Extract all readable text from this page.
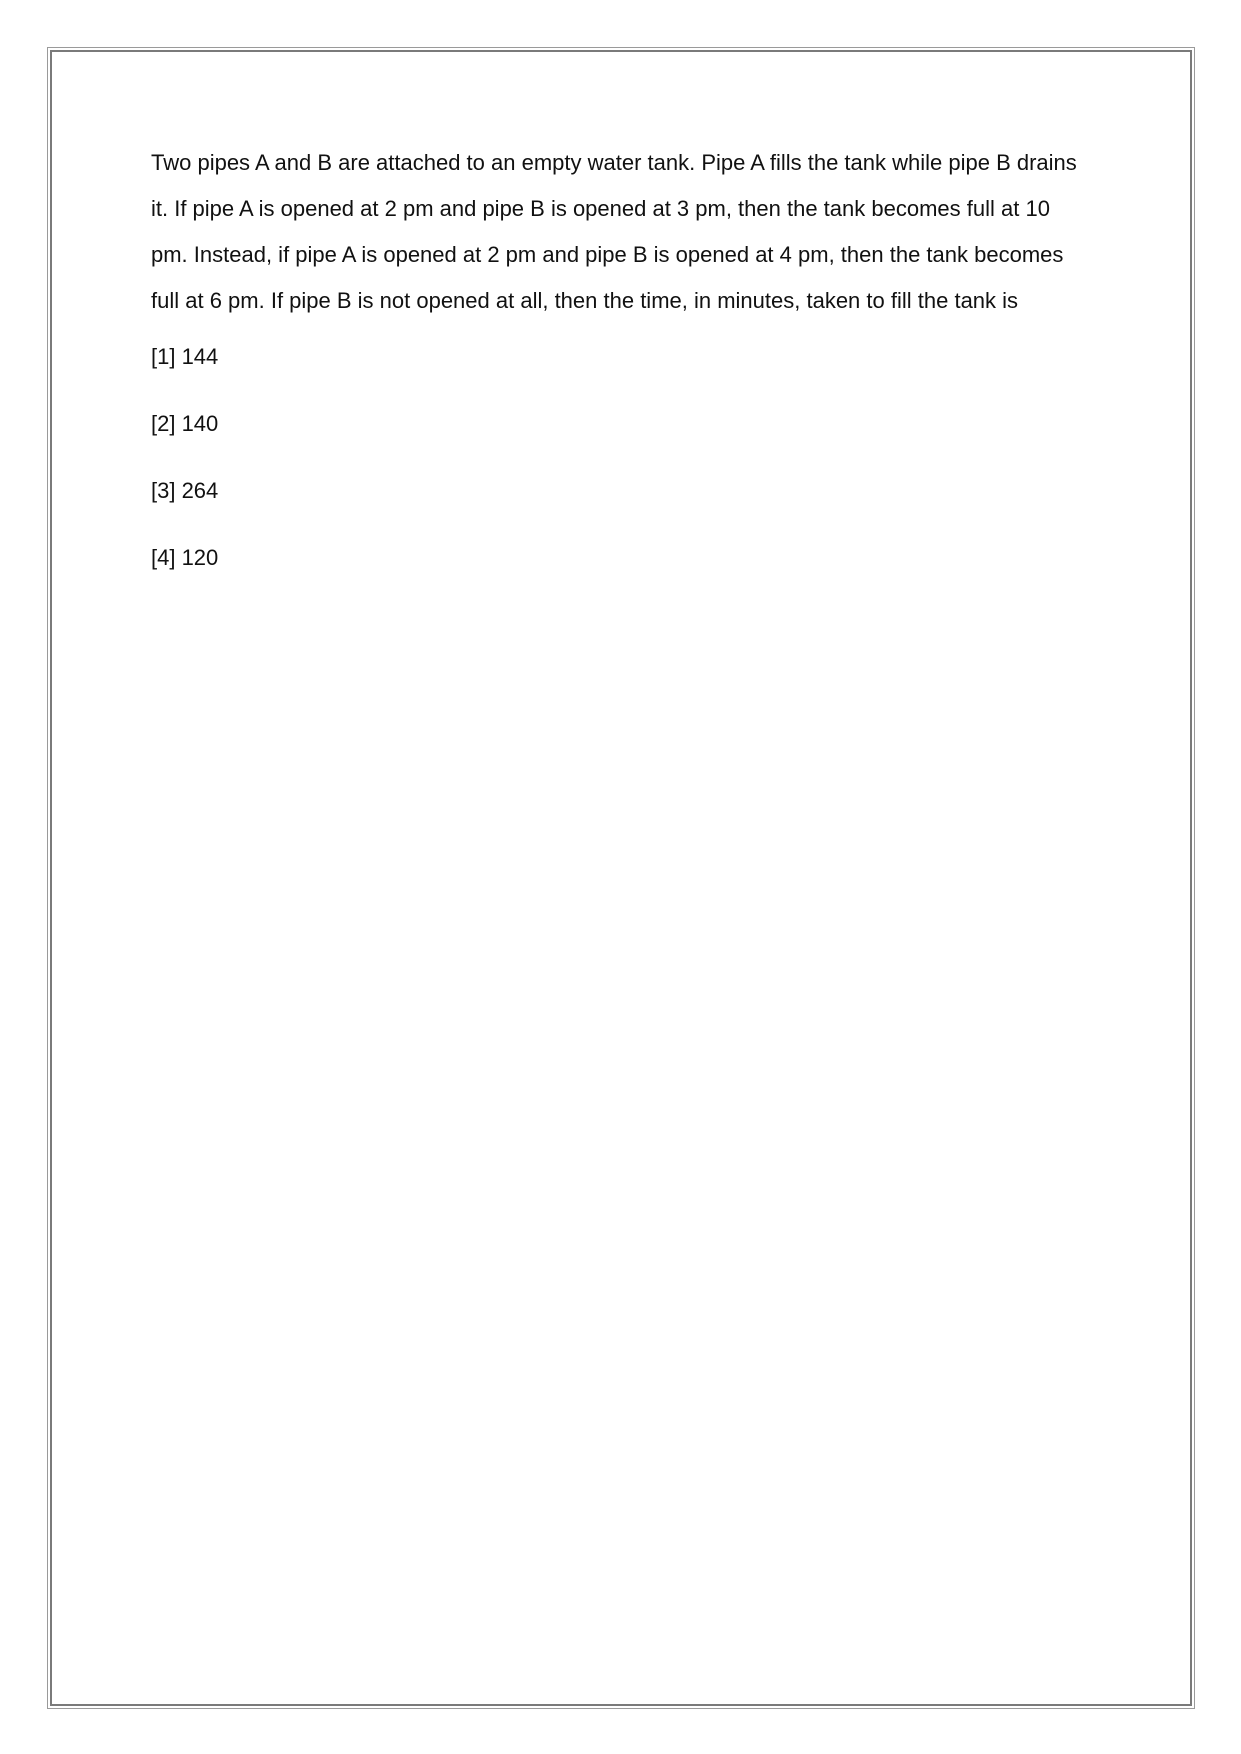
Two pipes A and B are attached to an empty water tank. Pipe A fills the tank while pipe B drains it. If pipe A is opened at 2 pm and pipe B is opened at 3 pm, then the tank becomes full at 10 pm. Instead, if pipe A is opened at 2 pm and pipe B is opened at 4 pm, then the tank becomes full at 6 pm. If pipe B is not opened at all, then the time, in minutes, taken to fill the tank is

[1] 144
[2] 140
[3] 264
[4] 120
